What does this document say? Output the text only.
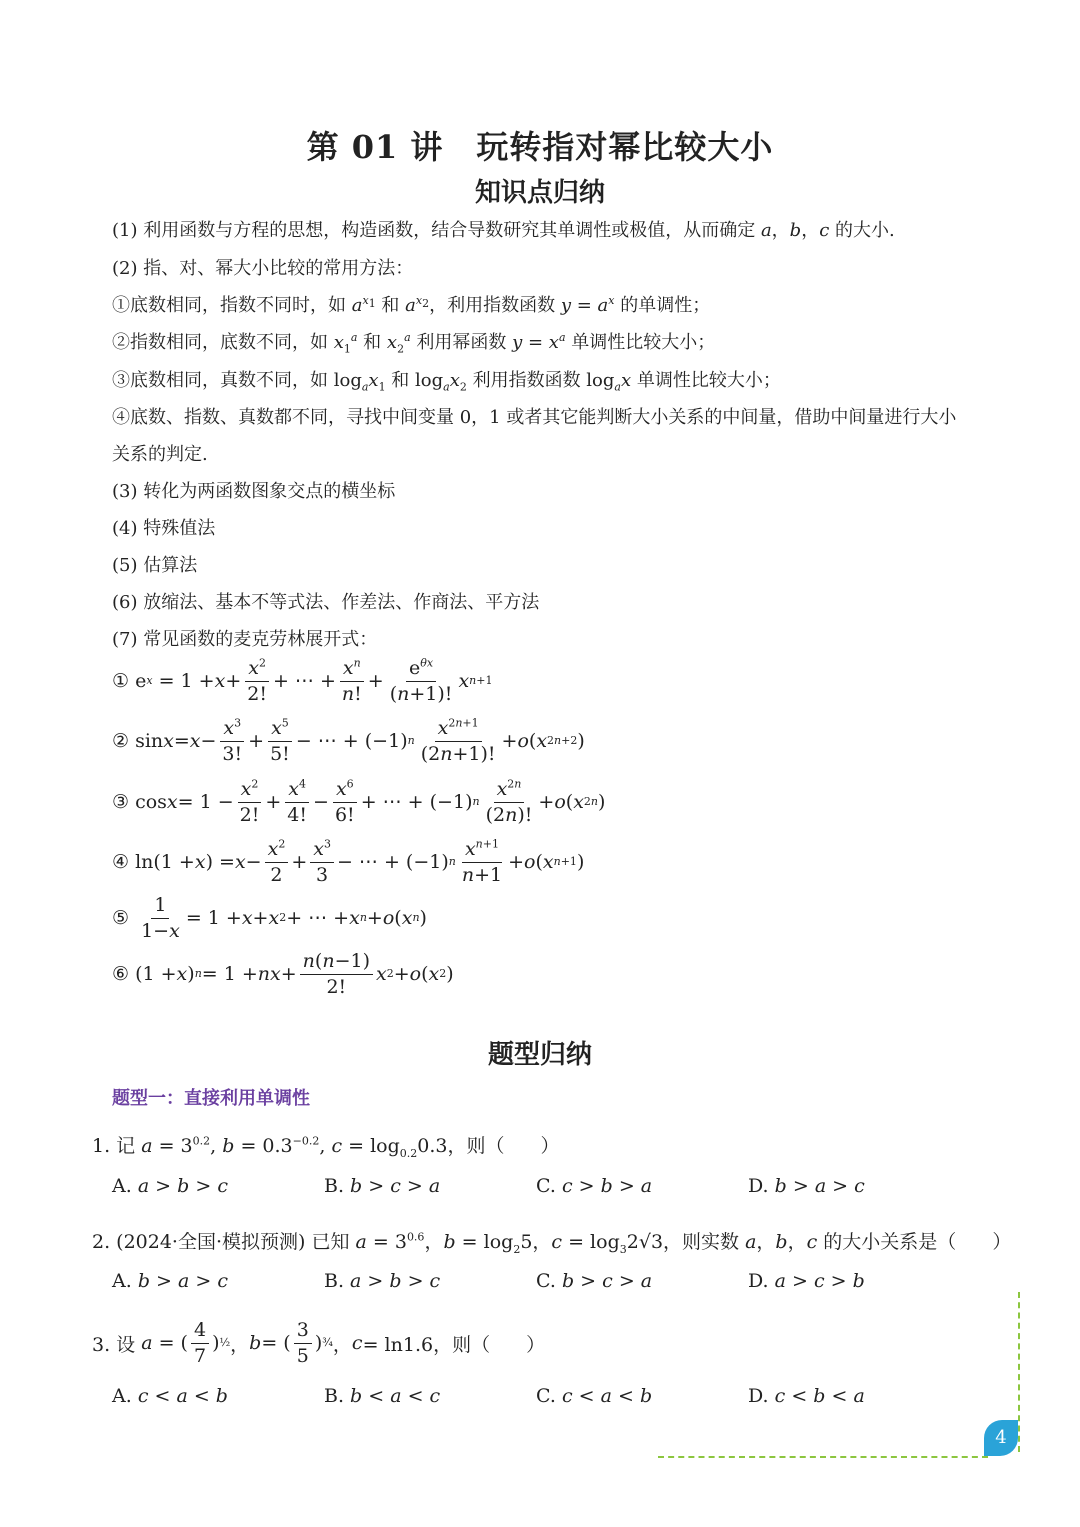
第 01 讲　玩转指对幂比较大小
知识点归纳
(1) 利用函数与方程的思想，构造函数，结合导数研究其单调性或极值，从而确定 a，b，c 的大小.
(2) 指、对、幂大小比较的常用方法：
①底数相同，指数不同时，如 $a^{x_1}$ 和 $a^{x_2}$，利用指数函数 $y = a^x$ 的单调性；
②指数相同，底数不同，如 $x_1^a$ 和 $x_2^a$ 利用幂函数 $y = x^a$ 单调性比较大小；
③底数相同，真数不同，如 $\log_ax_1$ 和 $\log_ax_2$ 利用指数函数 $\log_ax$ 单调性比较大小；
④底数、指数、真数都不同，寻找中间变量 0，1 或者其它能判断大小关系的中间量，借助中间量进行大小
关系的判定.
(3) 转化为两函数图象交点的横坐标
(4) 特殊值法
(5) 估算法
(6) 放缩法、基本不等式法、作差法、作商法、平方法
(7) 常见函数的麦克劳林展开式：
① e $x = 1 + x + \frac{x^2}{2!}$ + ⋯ + $\frac{x^n}{n!} + \frac{e^{\theta x}}{(n+1)!}$ x n+1
② $\sin x = x - \frac{x^3}{3!} + \frac{x^5}{5!}$ − ⋯ + (−1) n $\frac{x^{2n+1}}{(2n+1)!} + o$ ( x 2n+2 )
③ $\cos x = 1 - \frac{x^2}{2!} + \frac{x^4}{4!} - \frac{x^6}{6!}$ + ⋯ + (−1) n $\frac{x^{2n}}{(2n)!} + o$ ( x 2n )
④ ln(1 + x ) = $x - \frac{x^2}{2} + \frac{x^3}{3}$ − ⋯ + (−1) n $\frac{x^{n+1}}{n+1} + o$ ( x n+1 )
⑤ $\frac{1}{1-x} = 1 + x + x$ 2 + ⋯ + x n + o ( x n )
⑥ (1 + x ) n = 1 + nx + $\frac{n(n-1)}{2!}$ x 2 + o ( x 2 )
题型归纳
题型一：直接利用单调性
1. 记 $a = 3^{0.2}$, $b = 0.3^{-0.2}$, $c = \log_{0.2}0.3$，则（ ）
A. a > b > c	B. b > c > a	C. c > b > a	D. b > a > c
2. (2024·全国·模拟预测) 已知 $a = 3^{0.6}$，$b = \log_25$，$c = \log_32√3$，则实数 a，b，c 的大小关系是（ ）
A. b > a > c	B. a > b > c	C. b > c > a	D. a > c > b
3. 设 a = ( $\frac{4}{7}$ ) ½ ， b = ( $\frac{3}{5}$ ) ¾ ， c = ln1.6，则（ ）
A. c < a < b	B. b < a < c	C. c < a < b	D. c < b < a
4
